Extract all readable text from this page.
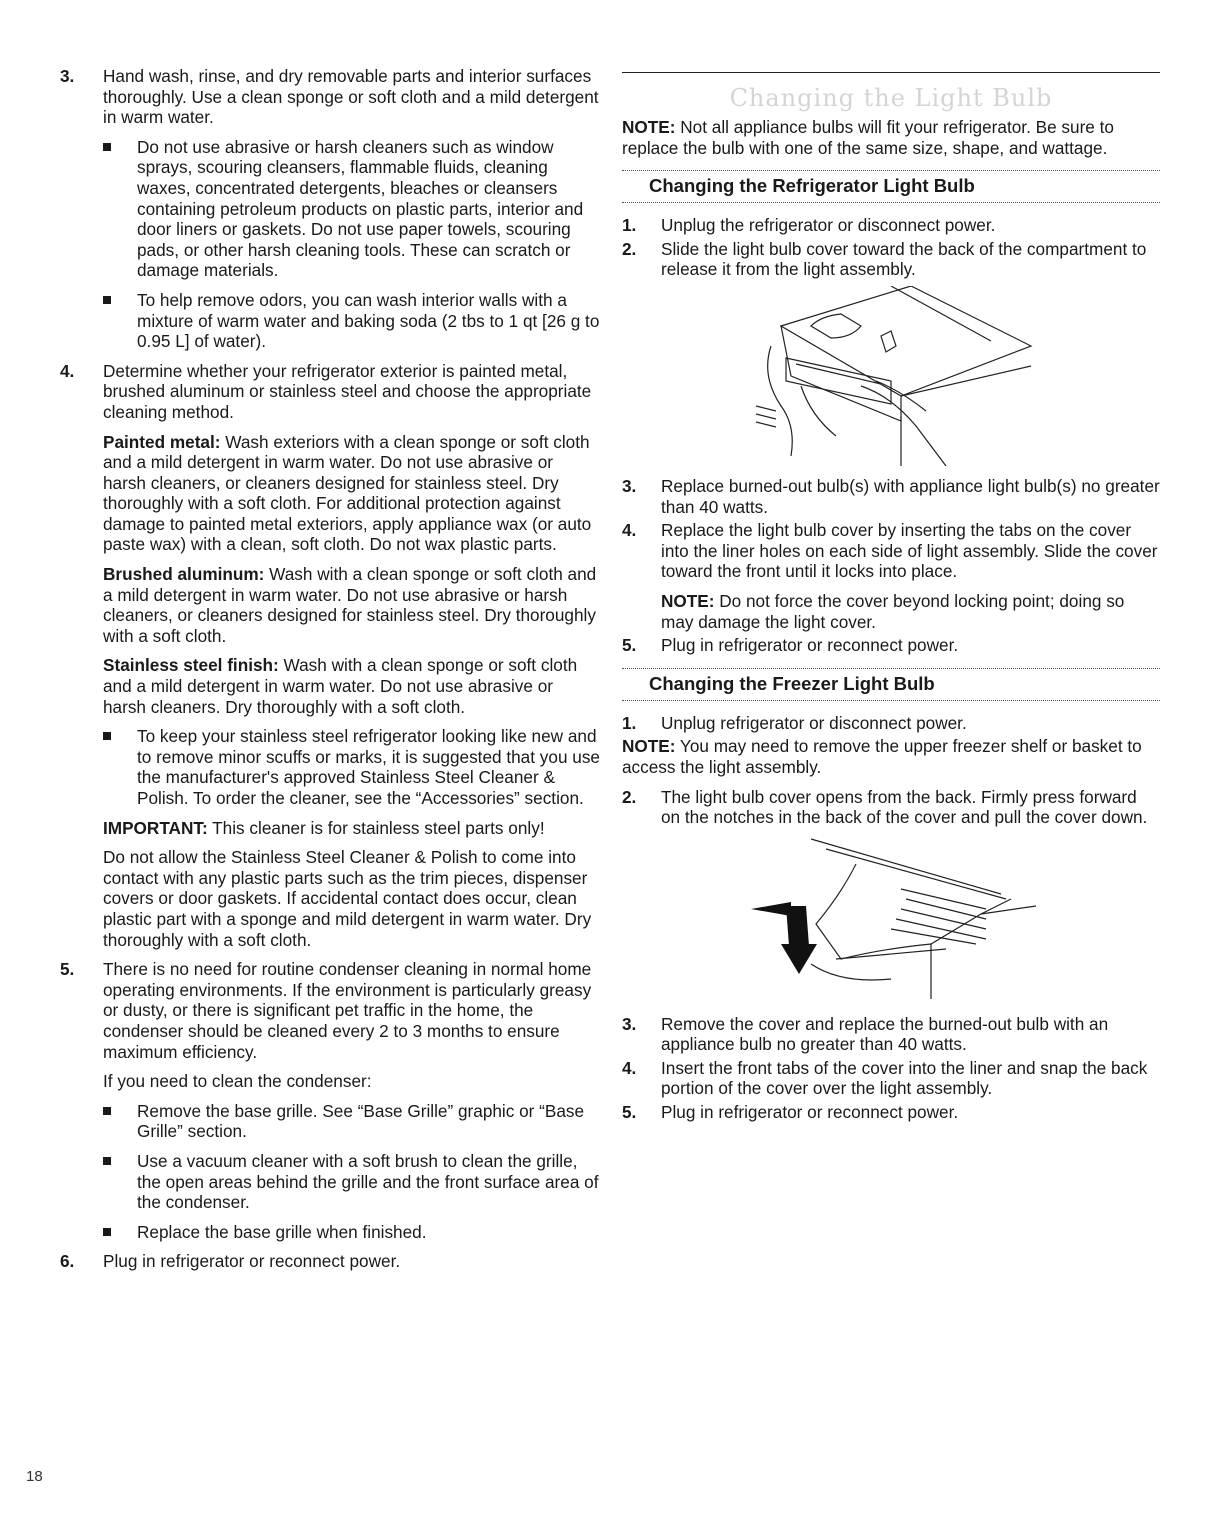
3. Hand wash, rinse, and dry removable parts and interior surfaces thoroughly. Use a clean sponge or soft cloth and a mild detergent in warm water.
Do not use abrasive or harsh cleaners such as window sprays, scouring cleansers, flammable fluids, cleaning waxes, concentrated detergents, bleaches or cleansers containing petroleum products on plastic parts, interior and door liners or gaskets. Do not use paper towels, scouring pads, or other harsh cleaning tools. These can scratch or damage materials.
To help remove odors, you can wash interior walls with a mixture of warm water and baking soda (2 tbs to 1 qt [26 g to 0.95 L] of water).
4. Determine whether your refrigerator exterior is painted metal, brushed aluminum or stainless steel and choose the appropriate cleaning method.
Painted metal: Wash exteriors with a clean sponge or soft cloth and a mild detergent in warm water. Do not use abrasive or harsh cleaners, or cleaners designed for stainless steel. Dry thoroughly with a soft cloth. For additional protection against damage to painted metal exteriors, apply appliance wax (or auto paste wax) with a clean, soft cloth. Do not wax plastic parts.
Brushed aluminum: Wash with a clean sponge or soft cloth and a mild detergent in warm water. Do not use abrasive or harsh cleaners, or cleaners designed for stainless steel. Dry thoroughly with a soft cloth.
Stainless steel finish: Wash with a clean sponge or soft cloth and a mild detergent in warm water. Do not use abrasive or harsh cleaners. Dry thoroughly with a soft cloth.
To keep your stainless steel refrigerator looking like new and to remove minor scuffs or marks, it is suggested that you use the manufacturer's approved Stainless Steel Cleaner & Polish. To order the cleaner, see the “Accessories” section.
IMPORTANT: This cleaner is for stainless steel parts only!
Do not allow the Stainless Steel Cleaner & Polish to come into contact with any plastic parts such as the trim pieces, dispenser covers or door gaskets. If accidental contact does occur, clean plastic part with a sponge and mild detergent in warm water. Dry thoroughly with a soft cloth.
5. There is no need for routine condenser cleaning in normal home operating environments. If the environment is particularly greasy or dusty, or there is significant pet traffic in the home, the condenser should be cleaned every 2 to 3 months to ensure maximum efficiency.
If you need to clean the condenser:
Remove the base grille. See “Base Grille” graphic or “Base Grille” section.
Use a vacuum cleaner with a soft brush to clean the grille, the open areas behind the grille and the front surface area of the condenser.
Replace the base grille when finished.
6. Plug in refrigerator or reconnect power.
Changing the Light Bulb
NOTE: Not all appliance bulbs will fit your refrigerator. Be sure to replace the bulb with one of the same size, shape, and wattage.
Changing the Refrigerator Light Bulb
1. Unplug the refrigerator or disconnect power.
2. Slide the light bulb cover toward the back of the compartment to release it from the light assembly.
3. Replace burned-out bulb(s) with appliance light bulb(s) no greater than 40 watts.
4. Replace the light bulb cover by inserting the tabs on the cover into the liner holes on each side of light assembly. Slide the cover toward the front until it locks into place.
NOTE: Do not force the cover beyond locking point; doing so may damage the light cover.
5. Plug in refrigerator or reconnect power.
Changing the Freezer Light Bulb
1. Unplug refrigerator or disconnect power.
NOTE: You may need to remove the upper freezer shelf or basket to access the light assembly.
2. The light bulb cover opens from the back. Firmly press forward on the notches in the back of the cover and pull the cover down.
3. Remove the cover and replace the burned-out bulb with an appliance bulb no greater than 40 watts.
4. Insert the front tabs of the cover into the liner and snap the back portion of the cover over the light assembly.
5. Plug in refrigerator or reconnect power.
18
